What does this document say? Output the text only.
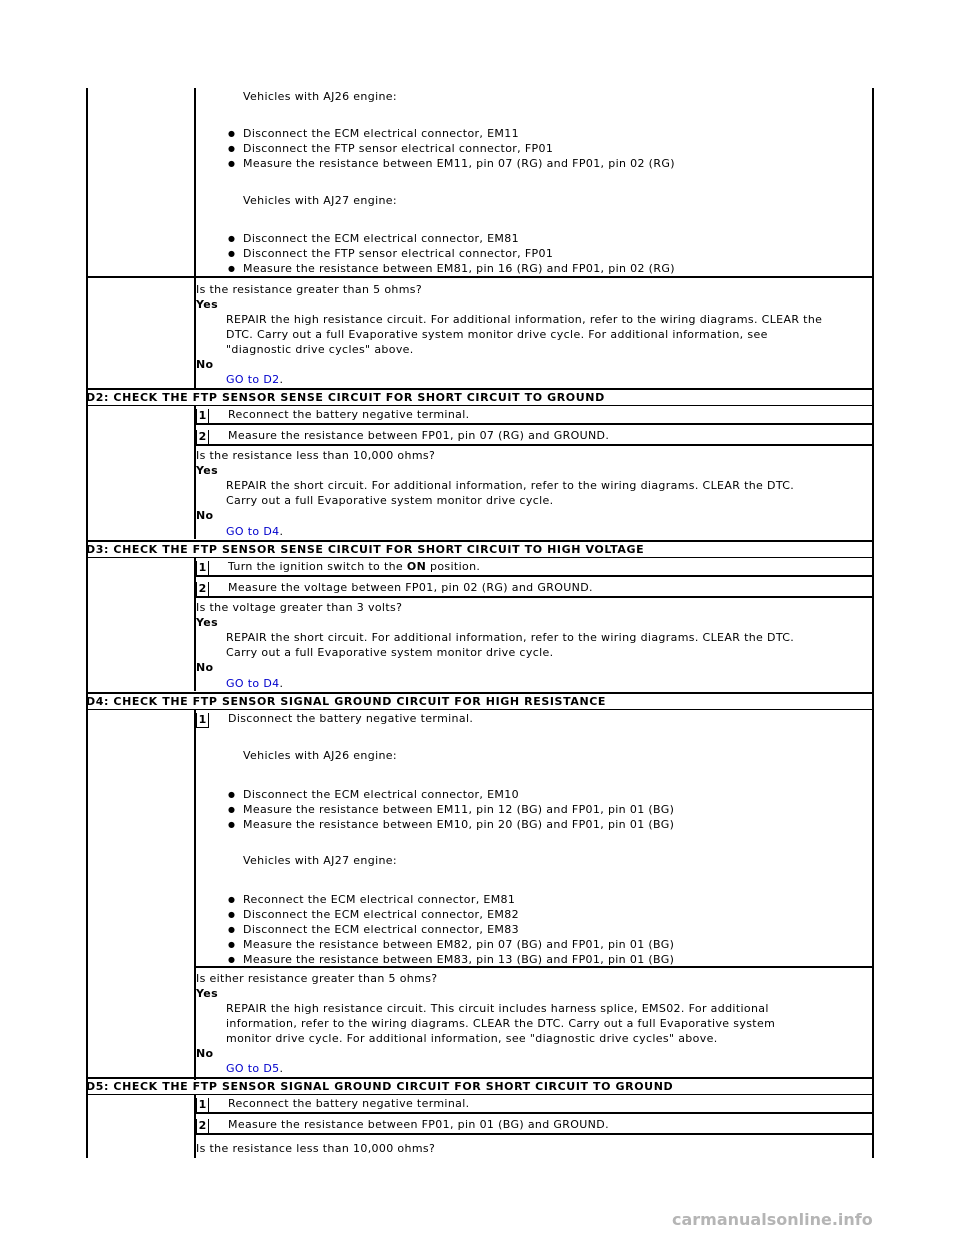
Vehicles with AJ26 engine:
● Disconnect the ECM electrical connector, EM11
● Disconnect the FTP sensor electrical connector, FP01
● Measure the resistance between EM11, pin 07 (RG) and FP01, pin 02 (RG)
Vehicles with AJ27 engine:
● Disconnect the ECM electrical connector, EM81
● Disconnect the FTP sensor electrical connector, FP01
● Measure the resistance between EM81, pin 16 (RG) and FP01, pin 02 (RG)
Is the resistance greater than 5 ohms?
Yes
REPAIR the high resistance circuit. For additional information, refer to the wiring diagrams. CLEAR the
DTC. Carry out a full Evaporative system monitor drive cycle. For additional information, see
"diagnostic drive cycles" above.
No
GO to D2.
D2: CHECK THE FTP SENSOR SENSE CIRCUIT FOR SHORT CIRCUIT TO GROUND
1 Reconnect the battery negative terminal.
2 Measure the resistance between FP01, pin 07 (RG) and GROUND.
Is the resistance less than 10,000 ohms?
Yes
REPAIR the short circuit. For additional information, refer to the wiring diagrams. CLEAR the DTC.
Carry out a full Evaporative system monitor drive cycle.
No
GO to D4.
D3: CHECK THE FTP SENSOR SENSE CIRCUIT FOR SHORT CIRCUIT TO HIGH VOLTAGE
1 Turn the ignition switch to the ON position.
2 Measure the voltage between FP01, pin 02 (RG) and GROUND.
Is the voltage greater than 3 volts?
Yes
REPAIR the short circuit. For additional information, refer to the wiring diagrams. CLEAR the DTC.
Carry out a full Evaporative system monitor drive cycle.
No
GO to D4.
D4: CHECK THE FTP SENSOR SIGNAL GROUND CIRCUIT FOR HIGH RESISTANCE
1 Disconnect the battery negative terminal.
Vehicles with AJ26 engine:
● Disconnect the ECM electrical connector, EM10
● Measure the resistance between EM11, pin 12 (BG) and FP01, pin 01 (BG)
● Measure the resistance between EM10, pin 20 (BG) and FP01, pin 01 (BG)
Vehicles with AJ27 engine:
● Reconnect the ECM electrical connector, EM81
● Disconnect the ECM electrical connector, EM82
● Disconnect the ECM electrical connector, EM83
● Measure the resistance between EM82, pin 07 (BG) and FP01, pin 01 (BG)
● Measure the resistance between EM83, pin 13 (BG) and FP01, pin 01 (BG)
Is either resistance greater than 5 ohms?
Yes
REPAIR the high resistance circuit. This circuit includes harness splice, EMS02. For additional
information, refer to the wiring diagrams. CLEAR the DTC. Carry out a full Evaporative system
monitor drive cycle. For additional information, see "diagnostic drive cycles" above.
No
GO to D5.
D5: CHECK THE FTP SENSOR SIGNAL GROUND CIRCUIT FOR SHORT CIRCUIT TO GROUND
1 Reconnect the battery negative terminal.
2 Measure the resistance between FP01, pin 01 (BG) and GROUND.
Is the resistance less than 10,000 ohms?
carmanualsonline.info
